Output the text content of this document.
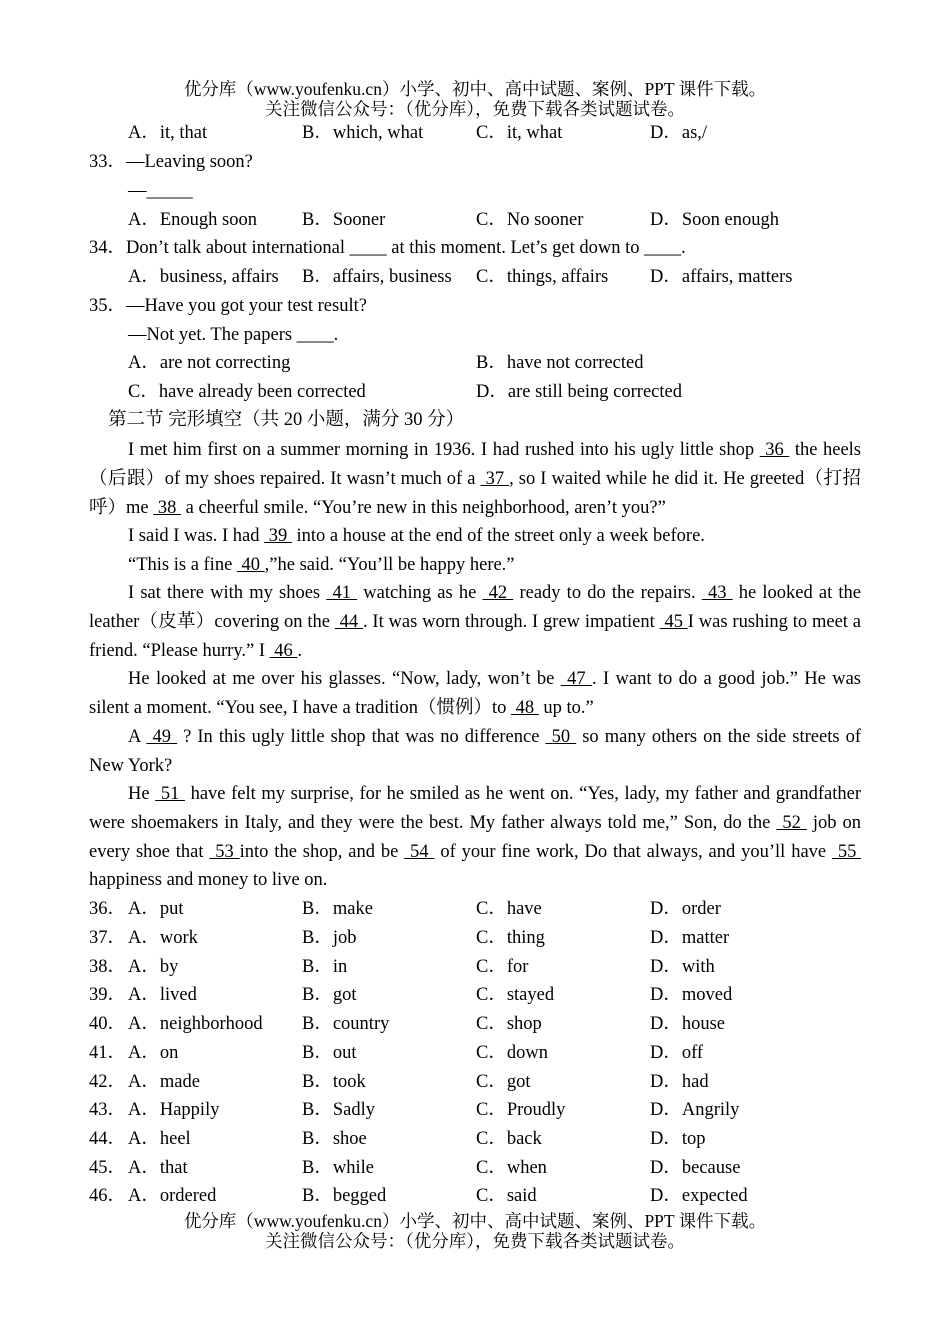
优分库（www.youfenku.cn）小学、初中、高中试题、案例、PPT 课件下载。
关注微信公众号：（优分库），免费下载各类试题试卷。
A．it, that	B．which, what	C．it, what	D．as,/
33．—Leaving soon?
—_____
A．Enough soon B．Sooner	C．No sooner	D．Soon enough
34．Don’t talk about international ____ at this moment. Let’s get down to ____.
A．business, affairs B．affairs, business C．things, affairs D．affairs, matters
35．—Have you got your test result?
—Not yet. The papers ____.
A．are not correcting	B．have not corrected
C．have already been corrected	D．are still being corrected
第二节 完形填空（共 20 小题，满分 30 分）
I met him first on a summer morning in 1936. I had rushed into his ugly little shop  36  the heels（后跟）of my shoes repaired. It wasn’t much of a  37 , so I waited while he did it. He greeted（打招呼）me  38  a cheerful smile. “You’re new in this neighborhood, aren’t you?”
I said I was. I had  39  into a house at the end of the street only a week before.
“This is a fine  40 ,”he said. “You’ll be happy here.”
I sat there with my shoes  41  watching as he  42  ready to do the repairs.  43  he looked at the leather（皮革）covering on the  44 . It was worn through. I grew impatient  45 I was rushing to meet a friend. “Please hurry.” I  46 .
He looked at me over his glasses. “Now, lady, won’t be  47 . I want to do a good job.” He was silent a moment. “You see, I have a tradition（惯例）to  48  up to.”
A  49  ? In this ugly little shop that was no difference  50  so many others on the side streets of New York?
He  51  have felt my surprise, for he smiled as he went on. “Yes, lady, my father and grandfather were shoemakers in Italy, and they were the best. My father always told me,” Son, do the  52  job on every shoe that  53 into the shop, and be  54  of your fine work, Do that always, and you’ll have  55  happiness and money to live on.
36． A．put	B．make	C．have	D．order
37． A．work	B．job	C．thing	D．matter
38． A．by	B．in	C．for	D．with
39． A．lived	B．got	C．stayed	D．moved
40． A．neighborhood B．country	C．shop	D．house
41． A．on	B．out	C．down	D．off
42． A．made	B．took	C．got	D．had
43． A．Happily	B．Sadly	C．Proudly	D．Angrily
44． A．heel	B．shoe	C．back	D．top
45． A．that	B．while	C．when	D．because
46． A．ordered	B．begged	C．said	D．expected
优分库（www.youfenku.cn）小学、初中、高中试题、案例、PPT 课件下载。
关注微信公众号：（优分库），免费下载各类试题试卷。
